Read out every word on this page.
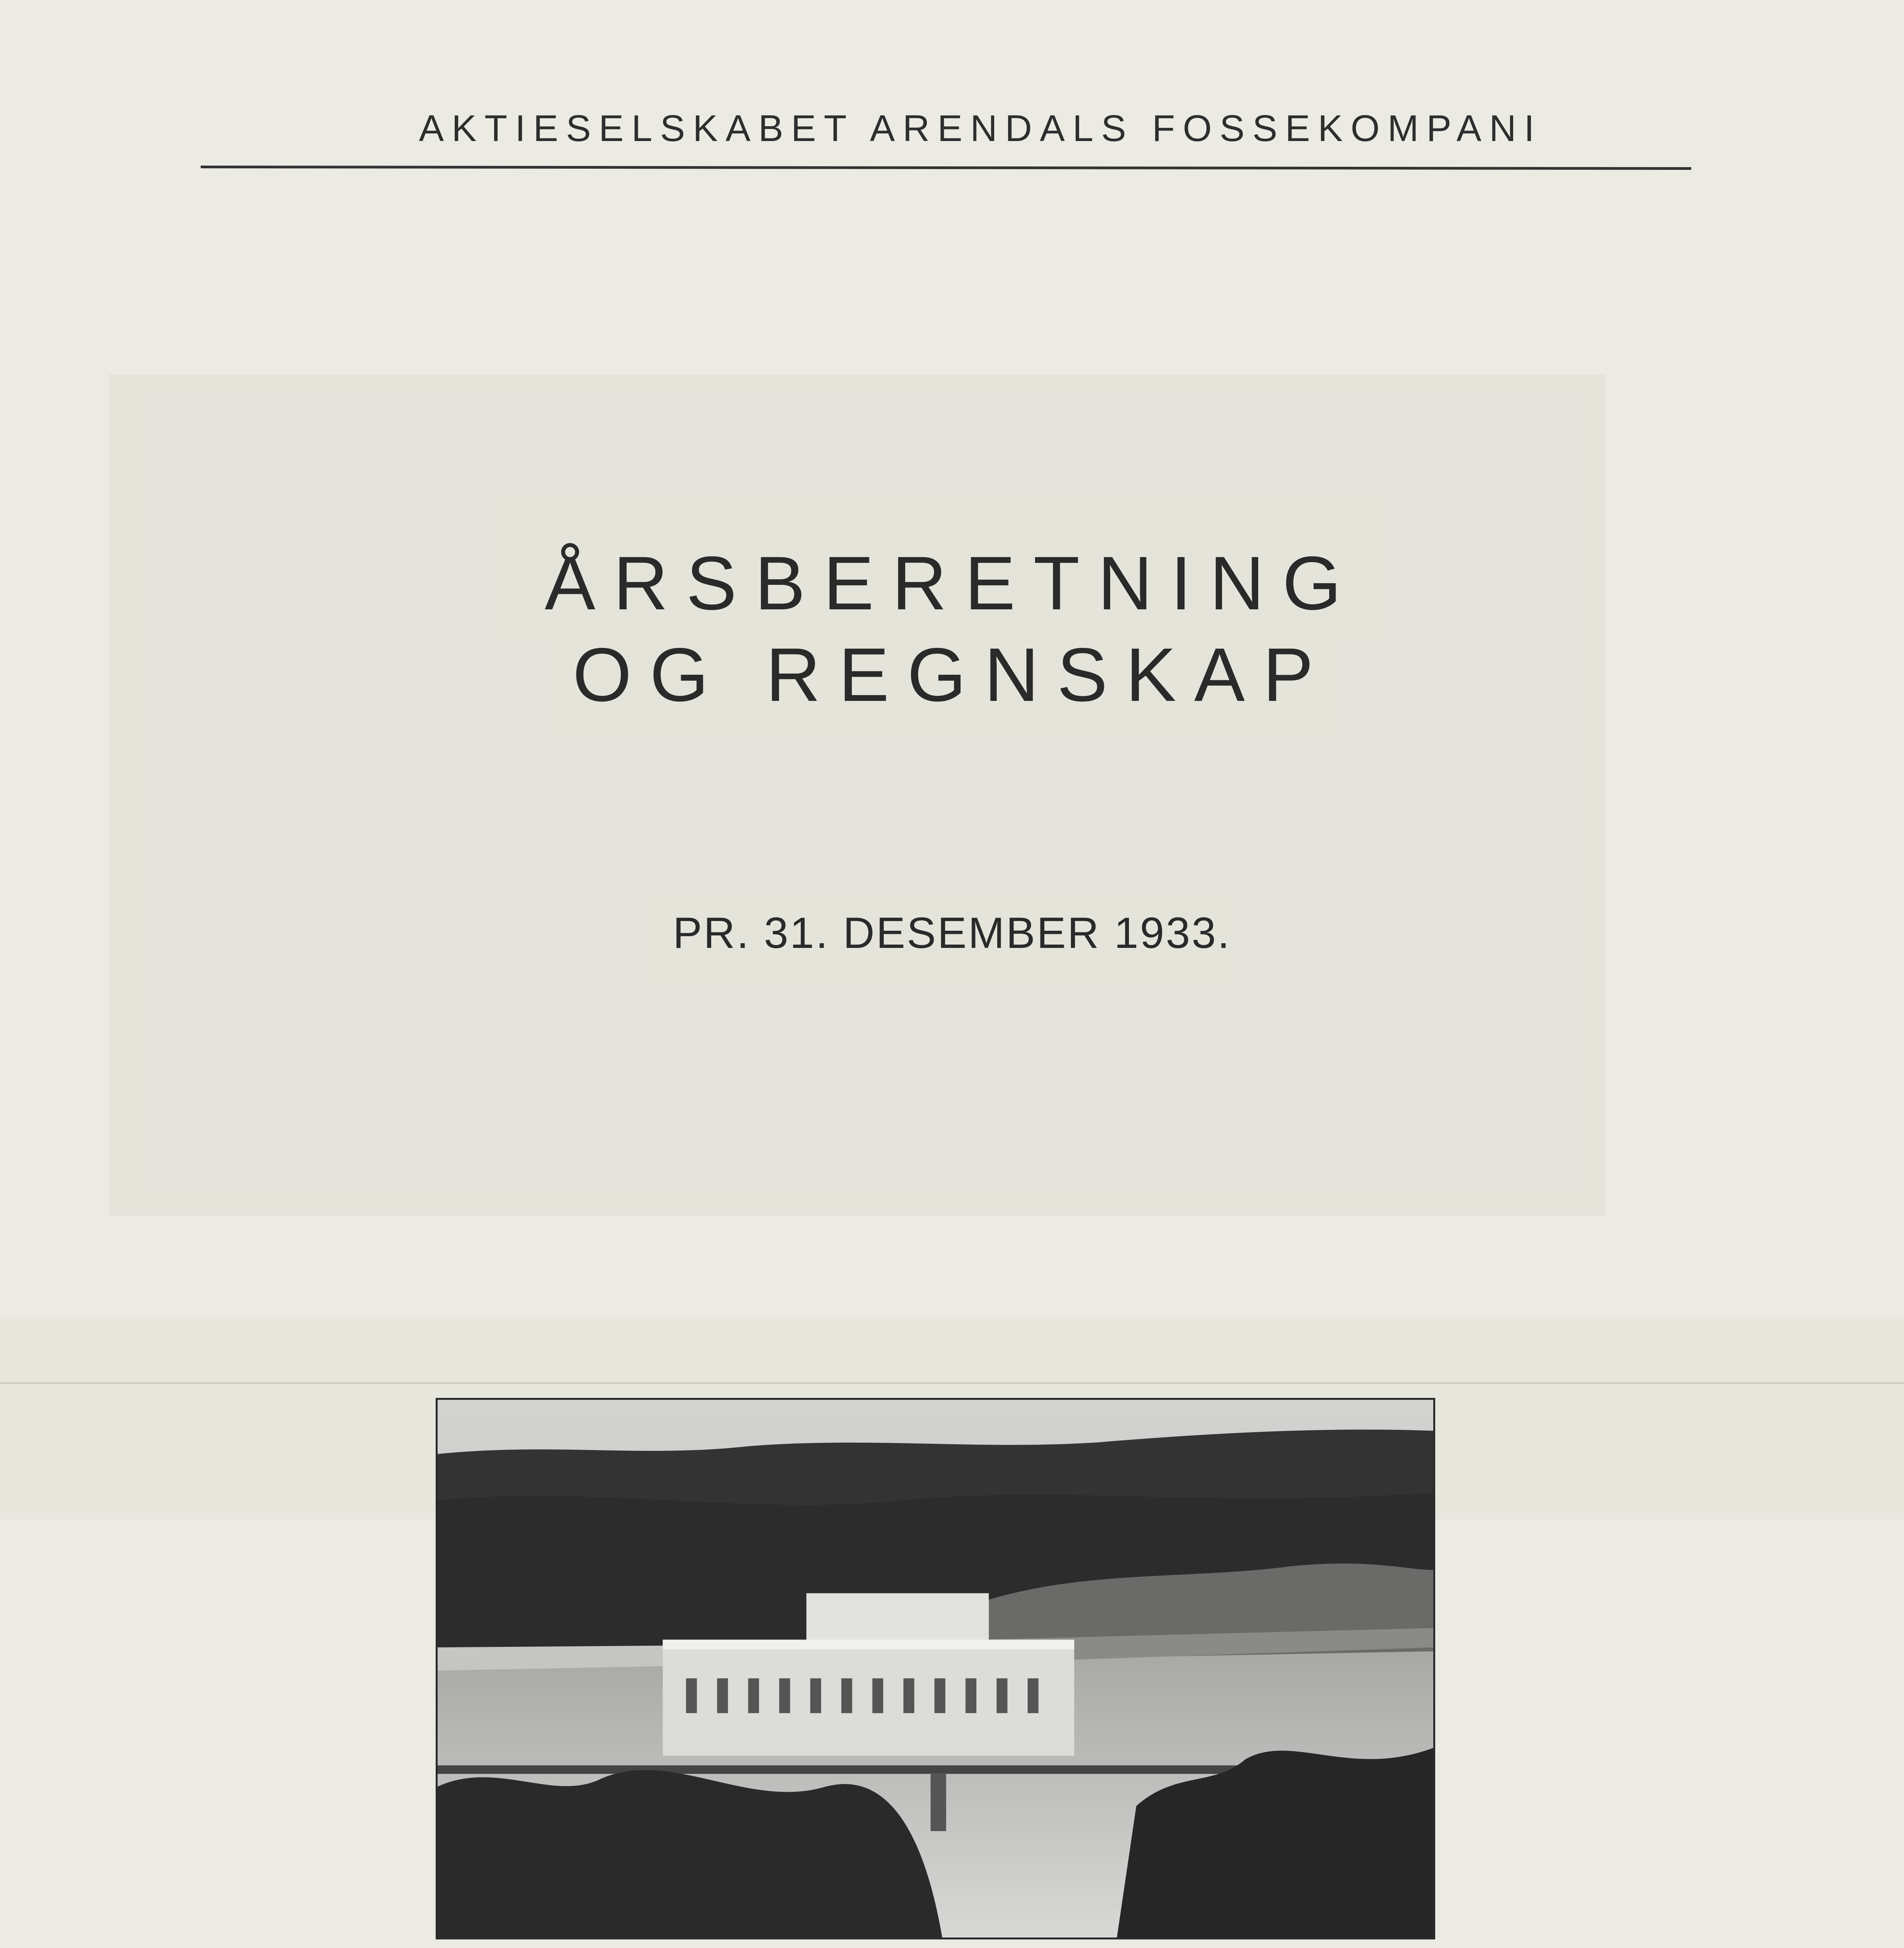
AKTIESELSKABET ARENDALS FOSSEKOMPANI
ÅRSBERETNING
OG REGNSKAP
PR. 31. DESEMBER 1933.
